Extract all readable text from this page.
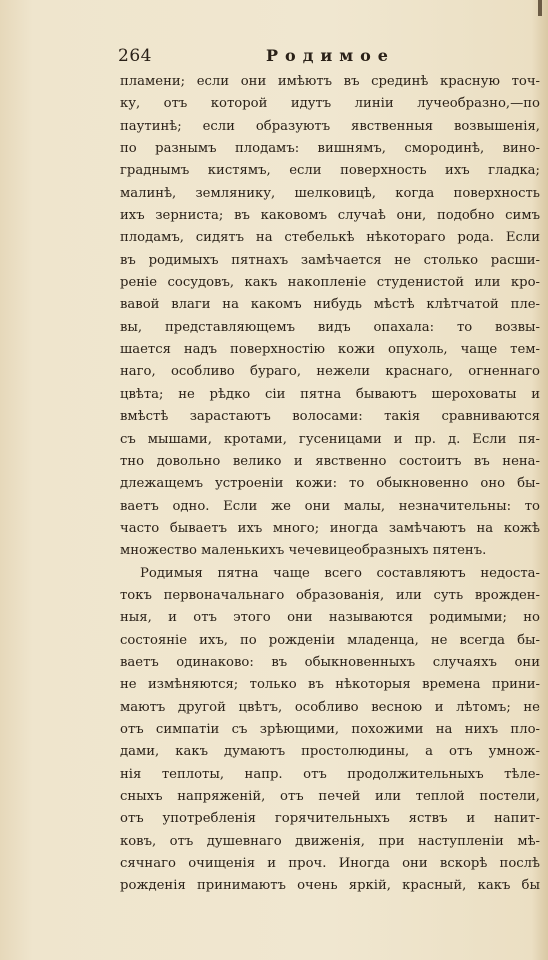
264	Родимое
пламени; если они имѣютъ въ срединѣ красную точ-
ку, отъ которой идутъ линіи лучеобразно,—по
паутинѣ; если образуютъ явственныя возвышенія,
по разнымъ плодамъ: вишнямъ, смородинѣ, вино-
граднымъ кистямъ, если поверхность ихъ гладка;
малинѣ, землянику, шелковицѣ, когда поверхность
ихъ зерниста; въ каковомъ случаѣ они, подобно симъ
плодамъ, сидятъ на стебелькѣ нѣкотораго рода. Если
въ родимыхъ пятнахъ замѣчается не столько расши-
реніе сосудовъ, какъ накопленіе студенистой или кро-
вавой влаги на какомъ нибудь мѣстѣ клѣтчатой пле-
вы, представляющемъ видъ опахала: то возвы-
шается надъ поверхностію кожи опухоль, чаще тем-
наго, особливо бураго, нежели краснаго, огненнаго
цвѣта; не рѣдко сіи пятна бываютъ шероховаты и
вмѣстѣ зарастаютъ волосами: такія сравниваются
съ мышами, кротами, гусеницами и пр. д. Если пя-
тно довольно велико и явственно состоитъ въ нена-
длежащемъ устроеніи кожи: то обыкновенно оно бы-
ваетъ одно. Если же они малы, незначительны: то
часто бываетъ ихъ много; иногда замѣчаютъ на кожѣ
множество маленькихъ чечевицеобразныхъ пятенъ.
Родимыя пятна чаще всего составляютъ недоста-
токъ первоначальнаго образованія, или суть врожден-
ныя, и отъ этого они называются родимыми; но
состояніе ихъ, по рожденіи младенца, не всегда бы-
ваетъ одинаково: въ обыкновенныхъ случаяхъ они
не измѣняются; только въ нѣкоторыя времена прини-
маютъ другой цвѣтъ, особливо весною и лѣтомъ; не
отъ симпатіи съ зрѣющими, похожими на нихъ пло-
дами, какъ думаютъ простолюдины, а отъ умнож-
нія теплоты, напр. отъ продолжительныхъ тѣле-
сныхъ напряженій, отъ печей или теплой постели,
отъ употребленія горячительныхъ яствъ и напит-
ковъ, отъ душевнаго движенія, при наступленіи мѣ-
сячнаго очищенія и проч. Иногда они вскорѣ послѣ
рожденія принимаютъ очень яркій, красный, какъ бы
